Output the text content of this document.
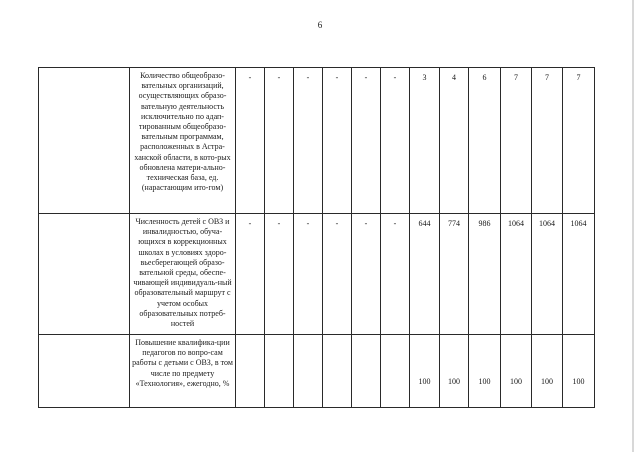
6
	Количество общеобразо-вательных организаций, осуществляющих образо-вательную деятельность исключительно по адап-тированным общеобразо-вательным программам, расположенных в Астра-ханской области, в кото-рых обновлена матери-ально-техническая база, ед. (нарастающим ито-гом)	-	-	-	-	-	-	3	4	6	7	7	7
	Численность детей с ОВЗ и инвалидностью, обуча-ющихся в коррекционных школах в условиях здоро-вьесберегающей образо-вательной среды, обеспе-чивающей индивидуаль-ный образовательный маршрут с учетом особых образовательных потреб-ностей	-	-	-	-	-	-	644	774	986	1064	1064	1064
	Повышение квалифика-ции педагогов по вопро-сам работы с детьми с ОВЗ, в том числе по предмету «Технология», ежегодно, %							100	100	100	100	100	100
